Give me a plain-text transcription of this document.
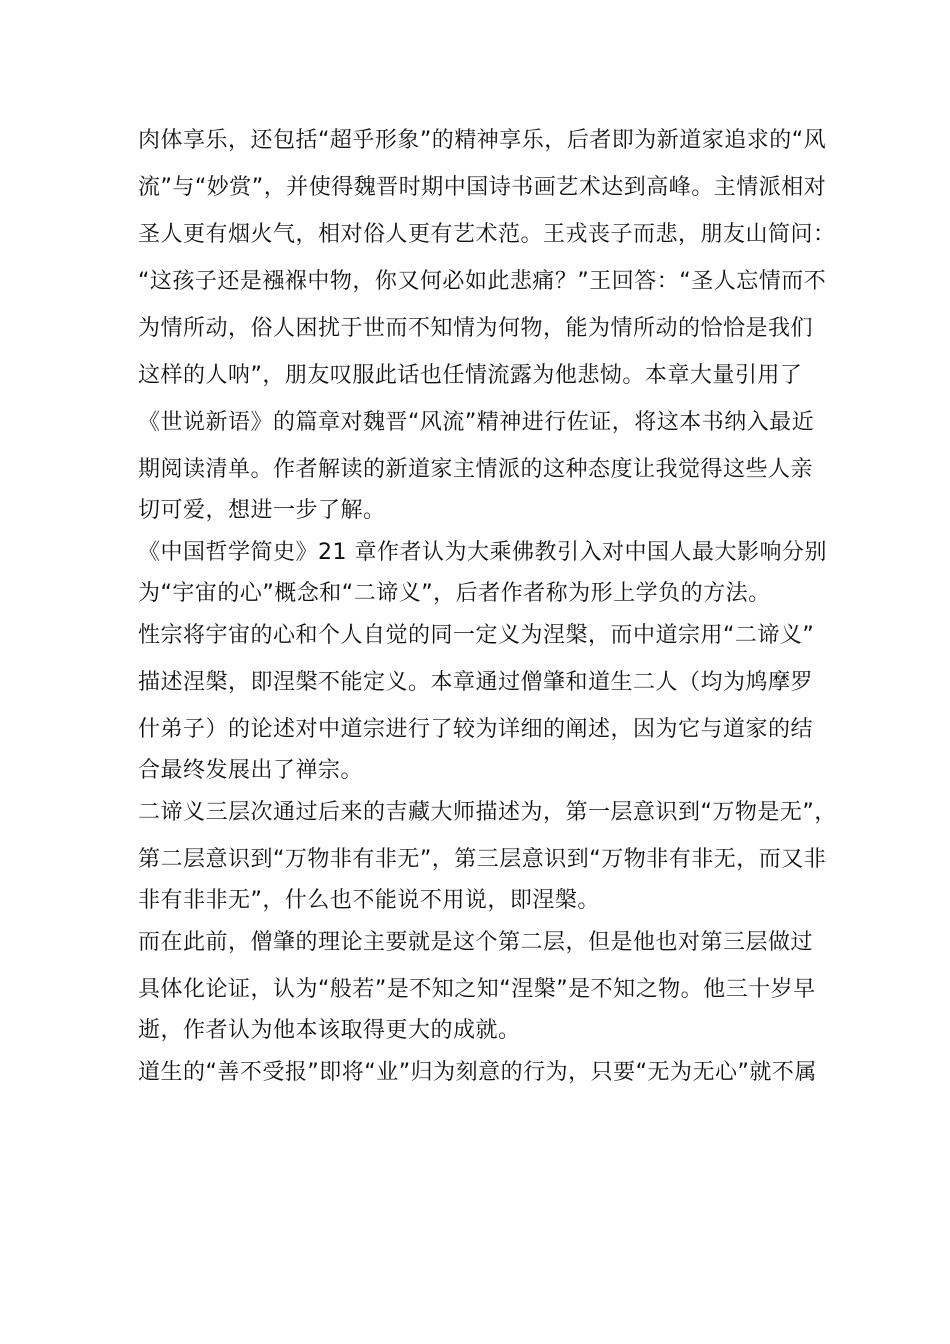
肉体享乐，还包括“超乎形象”的精神享乐，后者即为新道家追求的“风
流”与“妙赏”，并使得魏晋时期中国诗书画艺术达到高峰。主情派相对
圣人更有烟火气，相对俗人更有艺术范。王戎丧子而悲，朋友山简问：
“这孩子还是襁褓中物，你又何必如此悲痛？”王回答：“圣人忘情而不
为情所动，俗人困扰于世而不知情为何物，能为情所动的恰恰是我们
这样的人呐”，朋友叹服此话也任情流露为他悲恸。本章大量引用了
《世说新语》的篇章对魏晋“风流”精神进行佐证，将这本书纳入最近
期阅读清单。作者解读的新道家主情派的这种态度让我觉得这些人亲
切可爱，想进一步了解。
《中国哲学简史》21 章作者认为大乘佛教引入对中国人最大影响分别
为“宇宙的心”概念和“二谛义”，后者作者称为形上学负的方法。
性宗将宇宙的心和个人自觉的同一定义为涅槃，而中道宗用“二谛义”
描述涅槃，即涅槃不能定义。本章通过僧肇和道生二人（均为鸠摩罗
什弟子）的论述对中道宗进行了较为详细的阐述，因为它与道家的结
合最终发展出了禅宗。
二谛义三层次通过后来的吉藏大师描述为，第一层意识到“万物是无”，
第二层意识到“万物非有非无”，第三层意识到“万物非有非无，而又非
非有非非无”，什么也不能说不用说，即涅槃。
而在此前，僧肇的理论主要就是这个第二层，但是他也对第三层做过
具体化论证，认为“般若”是不知之知“涅槃”是不知之物。他三十岁早
逝，作者认为他本该取得更大的成就。
道生的“善不受报”即将“业”归为刻意的行为，只要“无为无心”就不属
